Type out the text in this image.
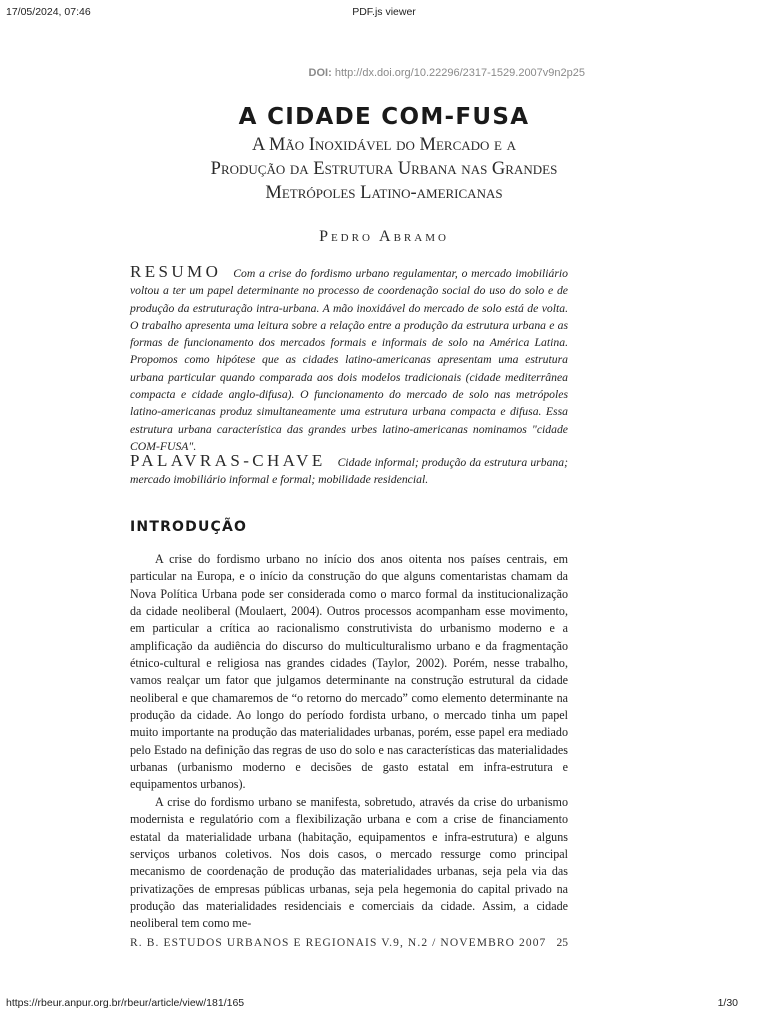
17/05/2024, 07:46	PDF.js viewer
DOI: http://dx.doi.org/10.22296/2317-1529.2007v9n2p25
A CIDADE COM-FUSA
A Mão Inoxidável do Mercado e a
Produção da Estrutura Urbana nas Grandes
Metrópoles Latino-americanas
Pedro Abramo
RESUMO Com a crise do fordismo urbano regulamentar, o mercado imobiliário voltou a ter um papel determinante no processo de coordenação social do uso do solo e de produção da estruturação intra-urbana. A mão inoxidável do mercado de solo está de volta. O trabalho apresenta uma leitura sobre a relação entre a produção da estrutura urbana e as formas de funcionamento dos mercados formais e informais de solo na América Latina. Propomos como hipótese que as cidades latino-americanas apresentam uma estrutura urbana particular quando comparada aos dois modelos tradicionais (cidade mediterrânea compacta e cidade anglo-difusa). O funcionamento do mercado de solo nas metrópoles latino-americanas produz simultaneamente uma estrutura urbana compacta e difusa. Essa estrutura urbana característica das grandes urbes latino-americanas nominamos "cidade COM-FUSA".
PALAVRAS-CHAVE Cidade informal; produção da estrutura urbana; mercado imobiliário informal e formal; mobilidade residencial.
INTRODUÇÃO

A crise do fordismo urbano no início dos anos oitenta nos países centrais, em particular na Europa, e o início da construção do que alguns comentaristas chamam da Nova Política Urbana pode ser considerada como o marco formal da institucionalização da cidade neoliberal (Moulaert, 2004). Outros processos acompanham esse movimento, em particular a crítica ao racionalismo construtivista do urbanismo moderno e a amplificação da audiência do discurso do multiculturalismo urbano e da fragmentação étnico-cultural e religiosa nas grandes cidades (Taylor, 2002). Porém, nesse trabalho, vamos realçar um fator que julgamos determinante na construção estrutural da cidade neoliberal e que chamaremos de “o retorno do mercado” como elemento determinante na produção da cidade. Ao longo do período fordista urbano, o mercado tinha um papel muito importante na produção das materialidades urbanas, porém, esse papel era mediado pelo Estado na definição das regras de uso do solo e nas características das materialidades urbanas (urbanismo moderno e decisões de gasto estatal em infra-estrutura e equipamentos urbanos).

A crise do fordismo urbano se manifesta, sobretudo, através da crise do urbanismo modernista e regulatório com a flexibilização urbana e com a crise de financiamento estatal da materialidade urbana (habitação, equipamentos e infra-estrutura) e alguns serviços urbanos coletivos. Nos dois casos, o mercado ressurge como principal mecanismo de coordenação de produção das materialidades urbanas, seja pela via das privatizações de empresas públicas urbanas, seja pela hegemonia do capital privado na produção das materialidades residenciais e comerciais da cidade. Assim, a cidade neoliberal tem como me-

R. B. ESTUDOS URBANOS E REGIONAIS V.9, N.2 / NOVEMBRO 2007 25
https://rbeur.anpur.org.br/rbeur/article/view/181/165	1/30
